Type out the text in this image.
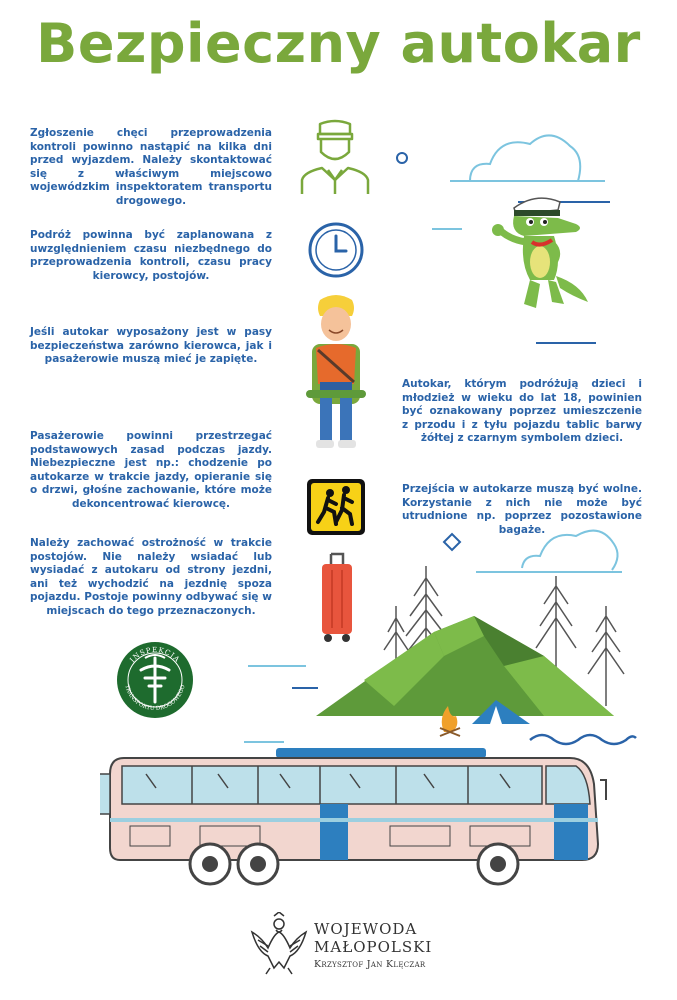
Bezpieczny autokar

Zgłoszenie chęci przeprowadzenia kontroli powinno nastąpić na kilka dni przed wyjazdem. Należy skontaktować się z właściwym miejscowo wojewódzkim inspektoratem transportu drogowego.

Podróż powinna być zaplanowana z uwzględnieniem czasu niezbędnego do przeprowadzenia kontroli, czasu pracy kierowcy, postojów.

Jeśli autokar wyposażony jest w pasy bezpieczeństwa zarówno kierowca, jak i pasażerowie muszą mieć je zapięte.

Pasażerowie powinni przestrzegać podstawowych zasad podczas jazdy. Niebezpieczne jest np.: chodzenie po autokarze w trakcie jazdy, opieranie się o drzwi, głośne zachowanie, które może dekoncentrować kierowcę.

Należy zachować ostrożność w trakcie postojów. Nie należy wsiadać lub wysiadać z autokaru od strony jezdni, ani też wychodzić na jezdnię spoza pojazdu. Postoje powinny odbywać się w miejscach do tego przeznaczonych.

Autokar, którym podróżują dzieci i młodzież w wieku do lat 18, powinien być oznakowany poprzez umieszczenie z przodu i z tyłu pojazdu tablic barwy żółtej z czarnym symbolem dzieci.

Przejścia w autokarze muszą być wolne. Korzystanie z nich nie może być utrudnione np. poprzez pozostawione bagaże.

INSPEKCJA
TRANSPORTU DROGOWEGO
WOJEWODA
MAŁOPOLSKI
Krzysztof Jan Klęczar
